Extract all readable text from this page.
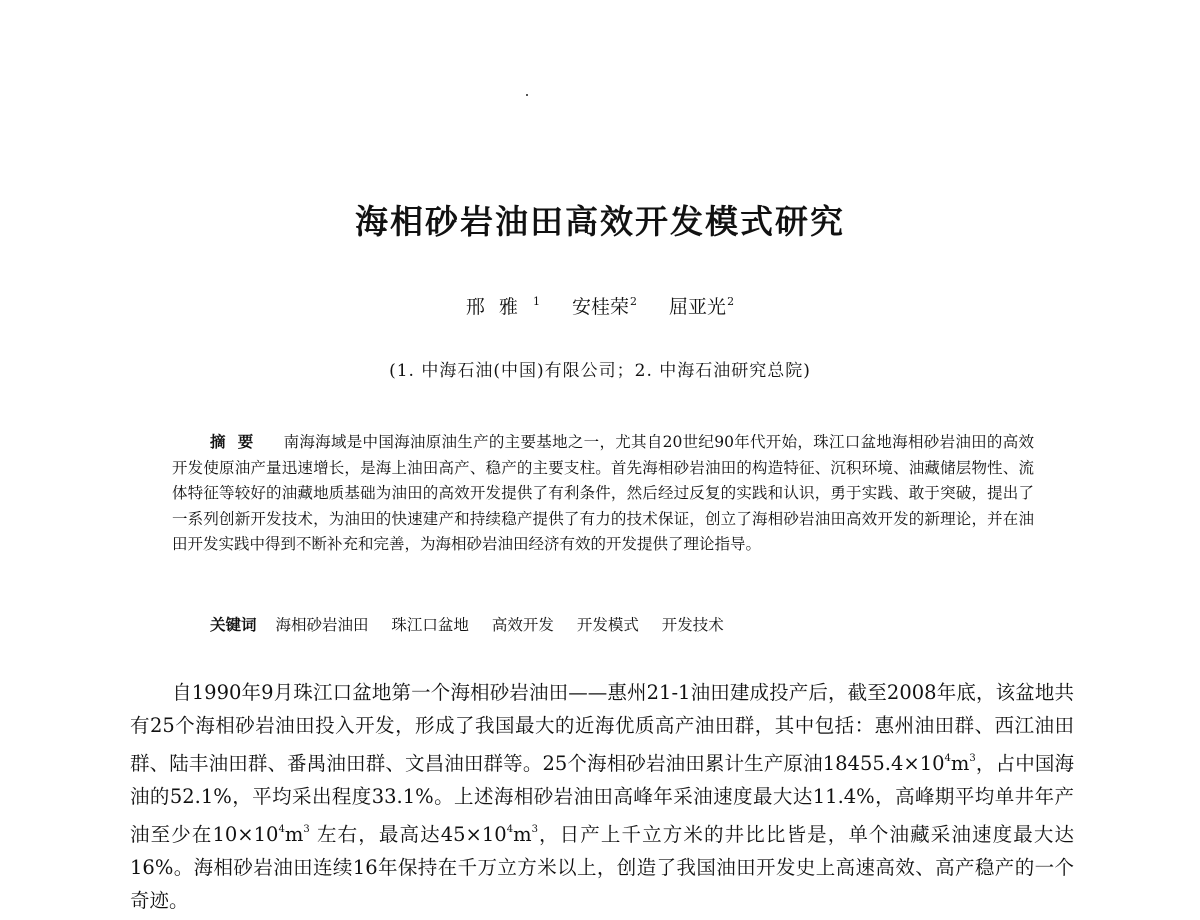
海相砂岩油田高效开发模式研究
邢雅$^1$ 安桂荣$^2$ 屈亚光$^2$
(1. 中海石油(中国)有限公司；2. 中海石油研究总院)
摘要 南海海域是中国海油原油生产的主要基地之一，尤其自20世纪90年代开始，珠江口盆地海相砂岩油田的高效开发使原油产量迅速增长，是海上油田高产、稳产的主要支柱。首先海相砂岩油田的构造特征、沉积环境、油藏储层物性、流体特征等较好的油藏地质基础为油田的高效开发提供了有利条件，然后经过反复的实践和认识，勇于实践、敢于突破，提出了一系列创新开发技术，为油田的快速建产和持续稳产提供了有力的技术保证，创立了海相砂岩油田高效开发的新理论，并在油田开发实践中得到不断补充和完善，为海相砂岩油田经济有效的开发提供了理论指导。
关键词 海相砂岩油田 珠江口盆地 高效开发 开发模式 开发技术
自1990年9月珠江口盆地第一个海相砂岩油田——惠州21-1油田建成投产后，截至2008年底，该盆地共有25个海相砂岩油田投入开发，形成了我国最大的近海优质高产油田群，其中包括：惠州油田群、西江油田群、陆丰油田群、番禺油田群、文昌油田群等。25个海相砂岩油田累计生产原油$18455.4\times 10^4m^3$，占中国海油的52.1%，平均采出程度33.1%。上述海相砂岩油田高峰年采油速度最大达11.4%，高峰期平均单井年产油至少在$10\times 10^4m^3$ 左右，最高达$45\times 10^4m^3$，日产上千立方米的井比比皆是，单个油藏采油速度最大达16%。海相砂岩油田连续16年保持在千万立方米以上，创造了我国油田开发史上高速高效、高产稳产的一个奇迹。
